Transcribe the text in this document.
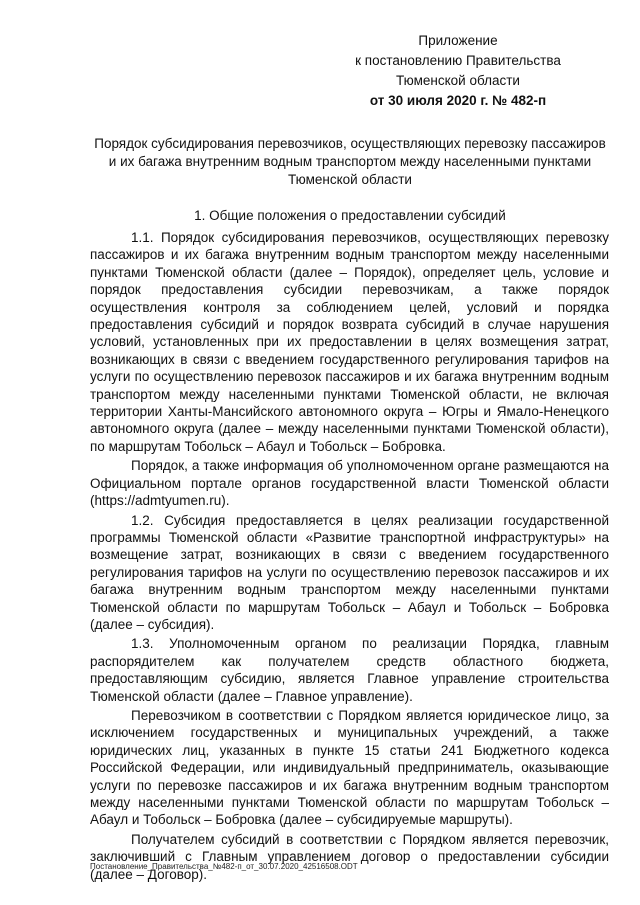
Приложение
к постановлению Правительства
Тюменской области
от 30 июля 2020 г. № 482-п
Порядок субсидирования перевозчиков, осуществляющих перевозку пассажиров и их багажа внутренним водным транспортом между населенными пунктами Тюменской области
1. Общие положения о предоставлении субсидий

1.1. Порядок субсидирования перевозчиков, осуществляющих перевозку пассажиров и их багажа внутренним водным транспортом между населенными пунктами Тюменской области (далее – Порядок), определяет цель, условие и порядок предоставления субсидии перевозчикам, а также порядок осуществления контроля за соблюдением целей, условий и порядка предоставления субсидий и порядок возврата субсидий в случае нарушения условий, установленных при их предоставлении в целях возмещения затрат, возникающих в связи с введением государственного регулирования тарифов на услуги по осуществлению перевозок пассажиров и их багажа внутренним водным транспортом между населенными пунктами Тюменской области, не включая территории Ханты-Мансийского автономного округа – Югры и Ямало-Ненецкого автономного округа (далее – между населенными пунктами Тюменской области), по маршрутам Тобольск – Абаул и Тобольск – Бобровка.

Порядок, а также информация об уполномоченном органе размещаются на Официальном портале органов государственной власти Тюменской области (https://admtyumen.ru).

1.2. Субсидия предоставляется в целях реализации государственной программы Тюменской области «Развитие транспортной инфраструктуры» на возмещение затрат, возникающих в связи с введением государственного регулирования тарифов на услуги по осуществлению перевозок пассажиров и их багажа внутренним водным транспортом между населенными пунктами Тюменской области по маршрутам Тобольск – Абаул и Тобольск – Бобровка (далее – субсидия).

1.3. Уполномоченным органом по реализации Порядка, главным распорядителем как получателем средств областного бюджета, предоставляющим субсидию, является Главное управление строительства Тюменской области (далее – Главное управление).

Перевозчиком в соответствии с Порядком является юридическое лицо, за исключением государственных и муниципальных учреждений, а также юридических лиц, указанных в пункте 15 статьи 241 Бюджетного кодекса Российской Федерации, или индивидуальный предприниматель, оказывающие услуги по перевозке пассажиров и их багажа внутренним водным транспортом между населенными пунктами Тюменской области по маршрутам Тобольск – Абаул и Тобольск – Бобровка (далее – субсидируемые маршруты).

Получателем субсидий в соответствии с Порядком является перевозчик, заключивший с Главным управлением договор о предоставлении субсидии (далее – Договор).

Постановление_Правительства_№482-п_от_30.07.2020_42516508.ODT
